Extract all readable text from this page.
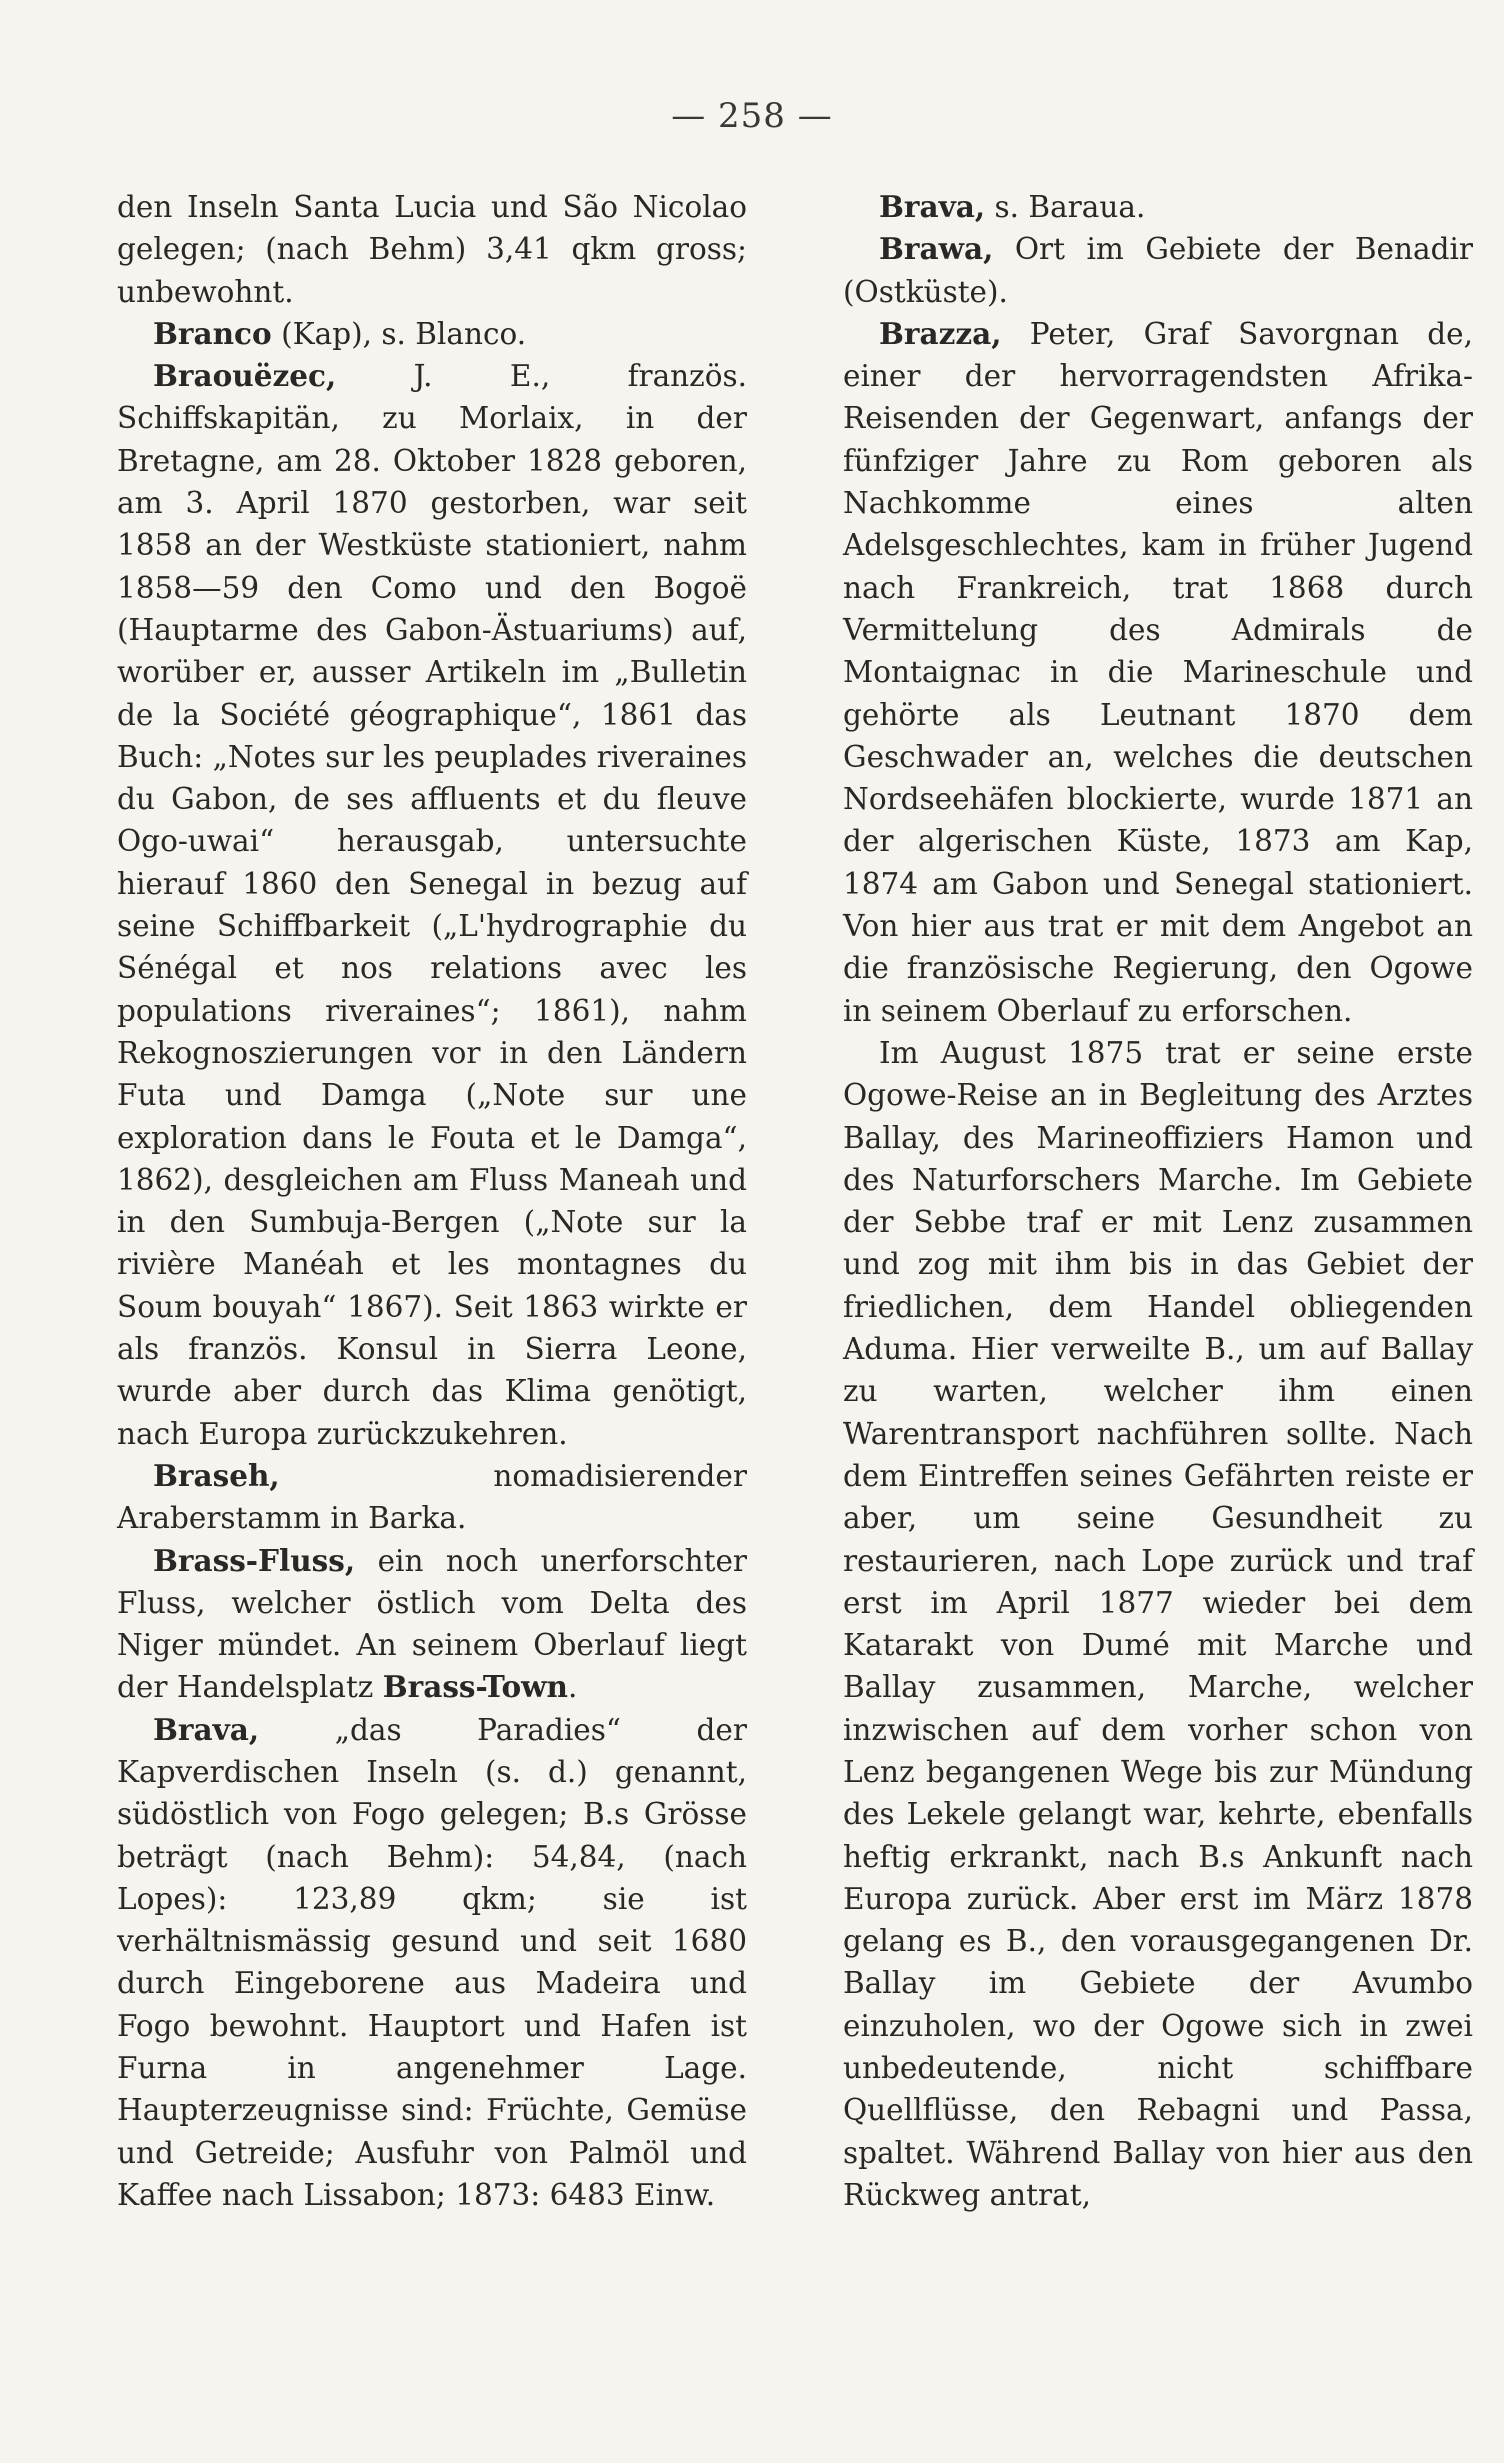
— 258 —

den Inseln Santa Lucia und São Nicolao gelegen; (nach Behm) 3,41 qkm gross; unbewohnt.

Branco (Kap), s. Blanco.

Braouëzec, J. E., französ. Schiffskapitän, zu Morlaix, in der Bretagne, am 28. Oktober 1828 geboren, am 3. April 1870 gestorben, war seit 1858 an der Westküste stationiert, nahm 1858—59 den Como und den Bogoë (Hauptarme des Gabon-Ästuariums) auf, worüber er, ausser Artikeln im „Bulletin de la Société géographique“, 1861 das Buch: „Notes sur les peuplades riveraines du Gabon, de ses affluents et du fleuve Ogo-uwai“ herausgab, untersuchte hierauf 1860 den Senegal in bezug auf seine Schiffbarkeit („L'hydrographie du Sénégal et nos relations avec les populations riveraines“; 1861), nahm Rekognoszierungen vor in den Ländern Futa und Damga („Note sur une exploration dans le Fouta et le Damga“, 1862), desgleichen am Fluss Maneah und in den Sumbuja-Bergen („Note sur la rivière Manéah et les montagnes du Soum bouyah“ 1867). Seit 1863 wirkte er als französ. Konsul in Sierra Leone, wurde aber durch das Klima genötigt, nach Europa zurückzukehren.

Braseh, nomadisierender Araberstamm in Barka.

Brass-Fluss, ein noch unerforschter Fluss, welcher östlich vom Delta des Niger mündet. An seinem Oberlauf liegt der Handelsplatz Brass-Town.

Brava, „das Paradies“ der Kapverdischen Inseln (s. d.) genannt, südöstlich von Fogo gelegen; B.s Grösse beträgt (nach Behm): 54,84, (nach Lopes): 123,89 qkm; sie ist verhältnismässig gesund und seit 1680 durch Eingeborene aus Madeira und Fogo bewohnt. Hauptort und Hafen ist Furna in angenehmer Lage. Haupterzeugnisse sind: Früchte, Gemüse und Getreide; Ausfuhr von Palmöl und Kaffee nach Lissabon; 1873: 6483 Einw.

Brava, s. Baraua.

Brawa, Ort im Gebiete der Benadir (Ostküste).

Brazza, Peter, Graf Savorgnan de, einer der hervorragendsten Afrika-Reisenden der Gegenwart, anfangs der fünfziger Jahre zu Rom geboren als Nachkomme eines alten Adelsgeschlechtes, kam in früher Jugend nach Frankreich, trat 1868 durch Vermittelung des Admirals de Montaignac in die Marineschule und gehörte als Leutnant 1870 dem Geschwader an, welches die deutschen Nordseehäfen blockierte, wurde 1871 an der algerischen Küste, 1873 am Kap, 1874 am Gabon und Senegal stationiert. Von hier aus trat er mit dem Angebot an die französische Regierung, den Ogowe in seinem Oberlauf zu erforschen.

Im August 1875 trat er seine erste Ogowe-Reise an in Begleitung des Arztes Ballay, des Marineoffiziers Hamon und des Naturforschers Marche. Im Gebiete der Sebbe traf er mit Lenz zusammen und zog mit ihm bis in das Gebiet der friedlichen, dem Handel obliegenden Aduma. Hier verweilte B., um auf Ballay zu warten, welcher ihm einen Warentransport nachführen sollte. Nach dem Eintreffen seines Gefährten reiste er aber, um seine Gesundheit zu restaurieren, nach Lope zurück und traf erst im April 1877 wieder bei dem Katarakt von Dumé mit Marche und Ballay zusammen, Marche, welcher inzwischen auf dem vorher schon von Lenz begangenen Wege bis zur Mündung des Lekele gelangt war, kehrte, ebenfalls heftig erkrankt, nach B.s Ankunft nach Europa zurück. Aber erst im März 1878 gelang es B., den vorausgegangenen Dr. Ballay im Gebiete der Avumbo einzuholen, wo der Ogowe sich in zwei unbedeutende, nicht schiffbare Quellflüsse, den Rebagni und Passa, spaltet. Während Ballay von hier aus den Rückweg antrat,
